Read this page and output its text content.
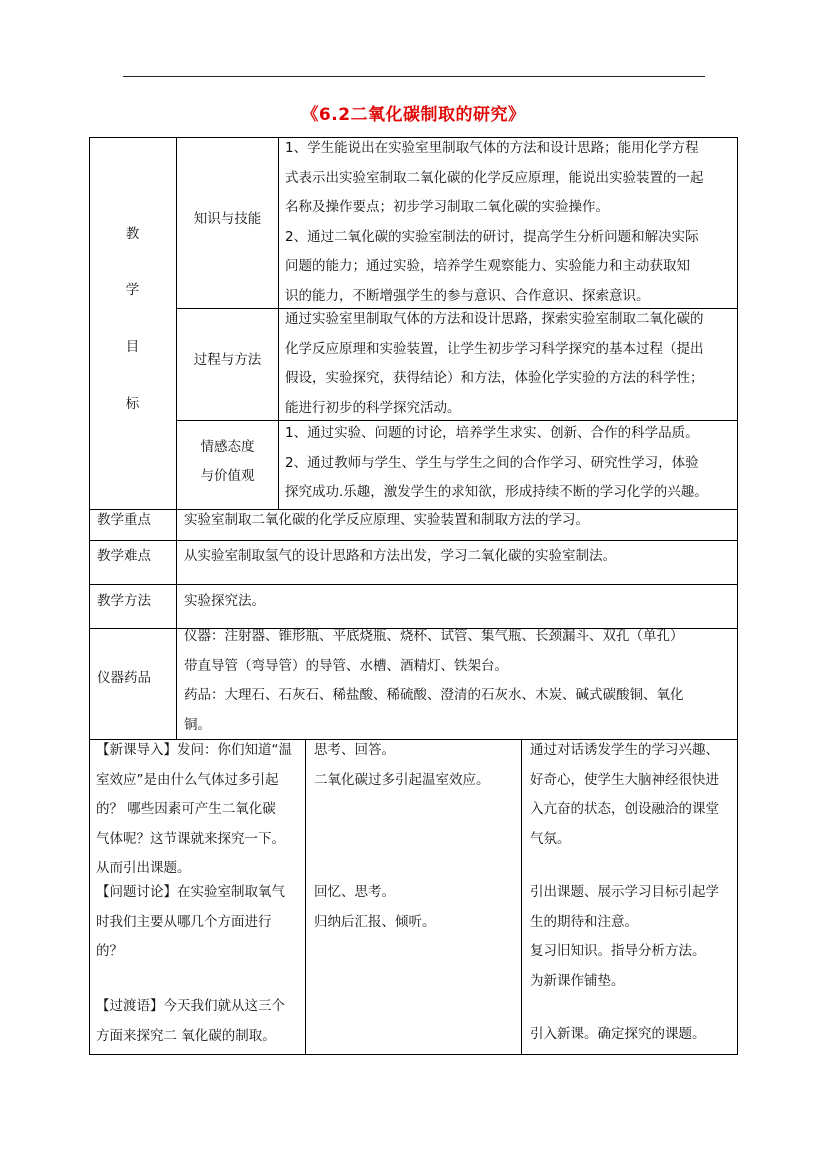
《6.2二氧化碳制取的研究》
教
学
目
标
知识与技能
1、学生能说出在实验室里制取气体的方法和设计思路；能用化学方程
式表示出实验室制取二氧化碳的化学反应原理，能说出实验装置的一起
名称及操作要点；初步学习制取二氧化碳的实验操作。
2、通过二氧化碳的实验室制法的研讨，提高学生分析问题和解决实际
问题的能力；通过实验，培养学生观察能力、实验能力和主动获取知
识的能力，不断增强学生的参与意识、合作意识、探索意识。
过程与方法
通过实验室里制取气体的方法和设计思路，探索实验室制取二氧化碳的
化学反应原理和实验装置，让学生初步学习科学探究的基本过程（提出
假设，实验探究，获得结论）和方法，体验化学实验的方法的科学性；
能进行初步的科学探究活动。
情感态度
与价值观
1、通过实验、问题的讨论，培养学生求实、创新、合作的科学品质。
2、通过教师与学生、学生与学生之间的合作学习、研究性学习，体验
探究成功.乐趣，激发学生的求知欲，形成持续不断的学习化学的兴趣。
教学重点 实验室制取二氧化碳的化学反应原理、实验装置和制取方法的学习。
教学难点 从实验室制取氢气的设计思路和方法出发，学习二氧化碳的实验室制法。
教学方法 实验探究法。
仪器药品
仪器：注射器、锥形瓶、平底烧瓶、烧杯、试管、集气瓶、长颈漏斗、双孔（单孔）
带直导管（弯导管）的导管、水槽、酒精灯、铁架台。
药品：大理石、石灰石、稀盐酸、稀硫酸、澄清的石灰水、木炭、碱式碳酸铜、氧化
铜。
【新课导入】发问：你们知道“温
室效应”是由什么气体过多引起
的？ 哪些因素可产生二氧化碳
气体呢？这节课就来探究一下。
从而引出课题。
【问题讨论】在实验室制取氧气
时我们主要从哪几个方面进行
的？
【过渡语】今天我们就从这三个
方面来探究二 氧化碳的制取。
思考、回答。
二氧化碳过多引起温室效应。
回忆、思考。
归纳后汇报、倾听。
通过对话诱发学生的学习兴趣、
好奇心，使学生大脑神经很快进
入亢奋的状态，创设融洽的课堂
气氛。
引出课题、展示学习目标引起学
生的期待和注意。
复习旧知识。指导分析方法。
为新课作铺垫。
引入新课。确定探究的课题。
